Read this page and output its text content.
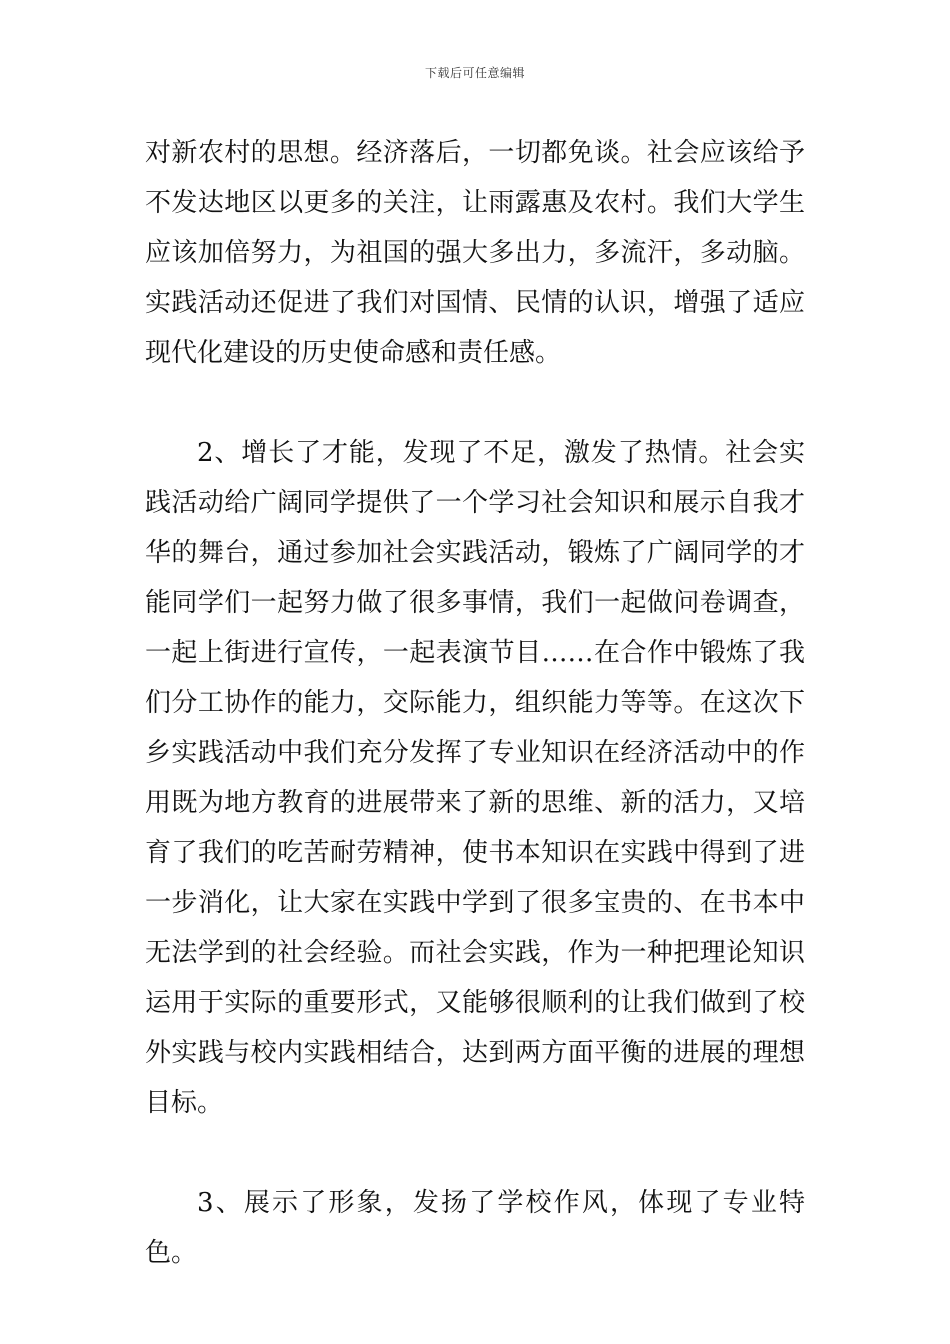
下载后可任意编辑

对新农村的思想。经济落后，一切都免谈。社会应该给予不发达地区以更多的关注，让雨露惠及农村。我们大学生应该加倍努力，为祖国的强大多出力，多流汗，多动脑。实践活动还促进了我们对国情、民情的认识，增强了适应现代化建设的历史使命感和责任感。

2、增长了才能，发现了不足，激发了热情。社会实践活动给广阔同学提供了一个学习社会知识和展示自我才华的舞台，通过参加社会实践活动，锻炼了广阔同学的才能同学们一起努力做了很多事情，我们一起做问卷调查，一起上街进行宣传，一起表演节目……在合作中锻炼了我们分工协作的能力，交际能力，组织能力等等。在这次下乡实践活动中我们充分发挥了专业知识在经济活动中的作用既为地方教育的进展带来了新的思维、新的活力，又培育了我们的吃苦耐劳精神，使书本知识在实践中得到了进一步消化，让大家在实践中学到了很多宝贵的、在书本中无法学到的社会经验。而社会实践，作为一种把理论知识运用于实际的重要形式，又能够很顺利的让我们做到了校外实践与校内实践相结合，达到两方面平衡的进展的理想目标。

3、展示了形象，发扬了学校作风，体现了专业特色。
